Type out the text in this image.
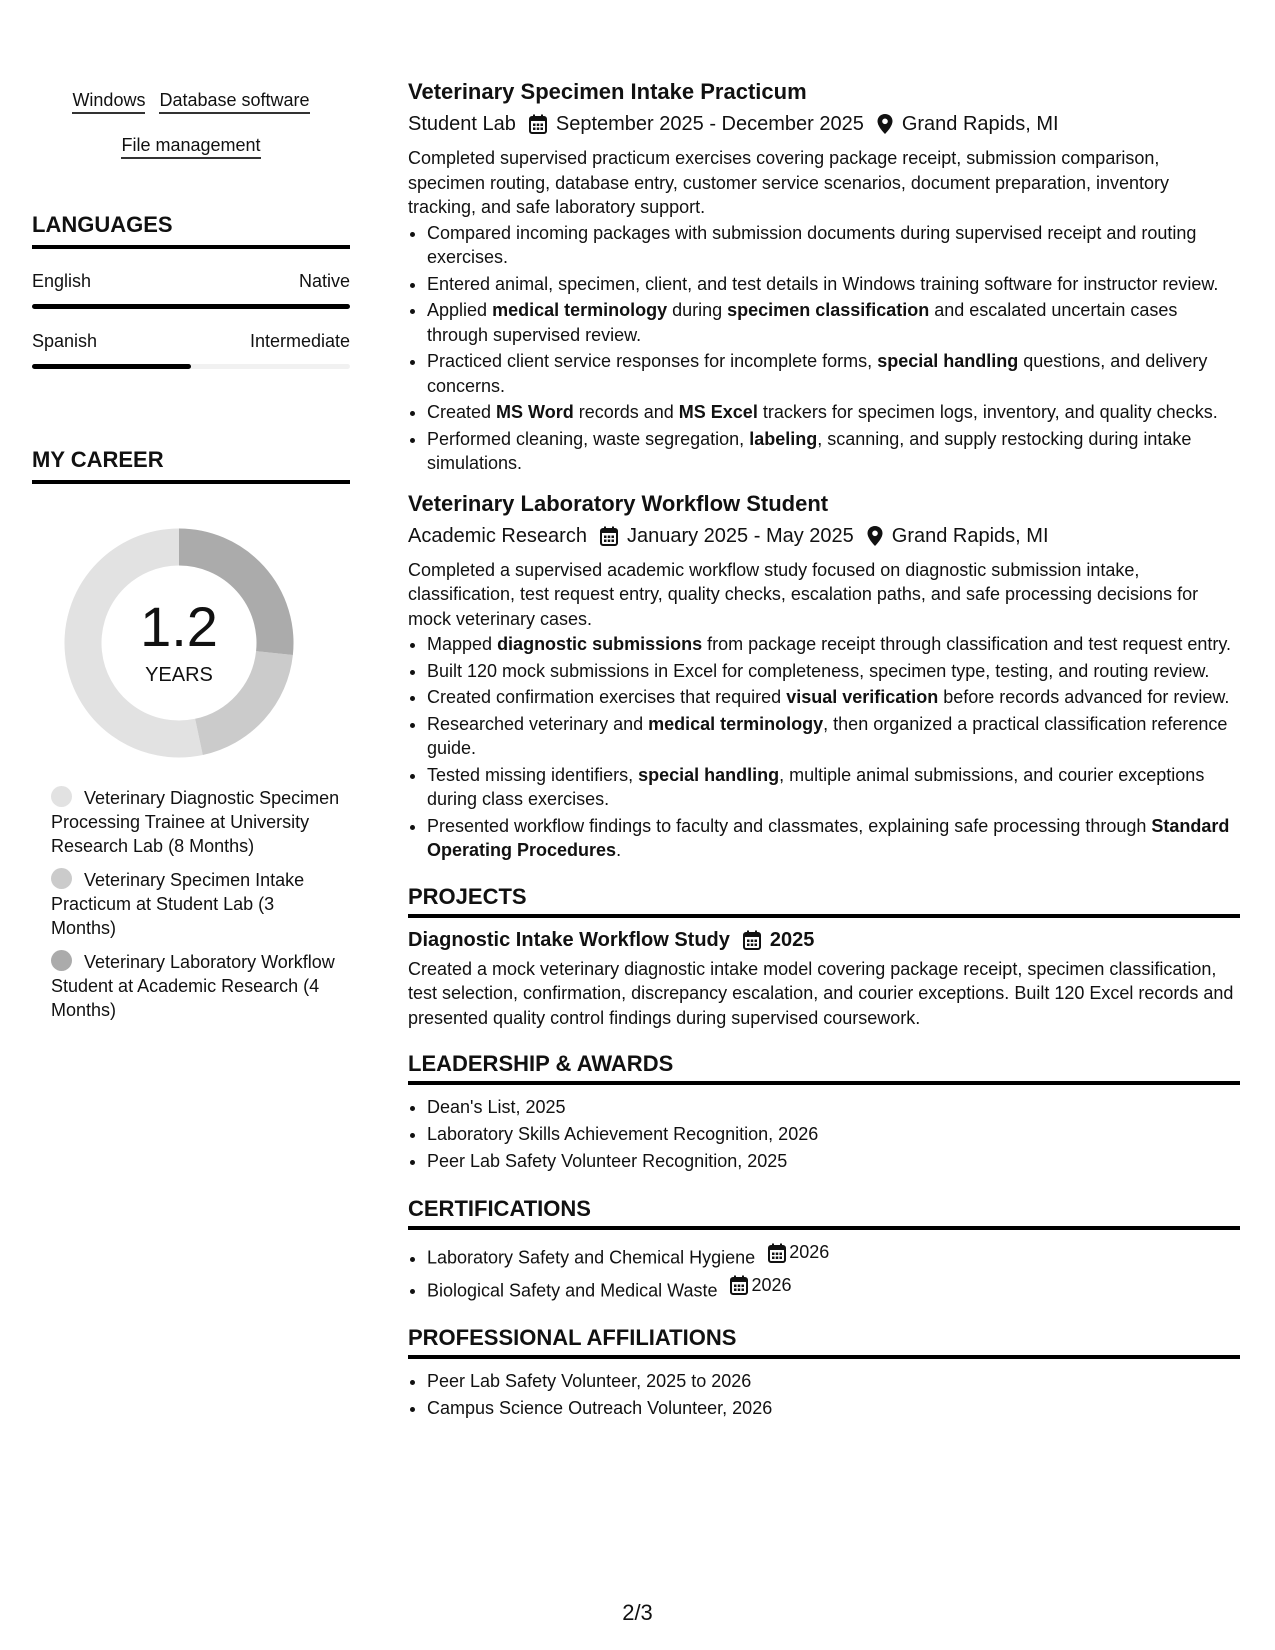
Windows Database software
File management
LANGUAGES
English	Native
Spanish	Intermediate
MY CAREER
1.2
YEARS
Veterinary Diagnostic Specimen Processing Trainee at University Research Lab (8 Months)
Veterinary Specimen Intake Practicum at Student Lab (3 Months)
Veterinary Laboratory Workflow Student at Academic Research (4 Months)
Veterinary Specimen Intake Practicum
Student Lab September 2025 - December 2025 Grand Rapids, MI
Completed supervised practicum exercises covering package receipt, submission comparison, specimen routing, database entry, customer service scenarios, document preparation, inventory tracking, and safe laboratory support.
• Compared incoming packages with submission documents during supervised receipt and routing exercises.
• Entered animal, specimen, client, and test details in Windows training software for instructor review.
• Applied medical terminology during specimen classification and escalated uncertain cases through supervised review.
• Practiced client service responses for incomplete forms, special handling questions, and delivery concerns.
• Created MS Word records and MS Excel trackers for specimen logs, inventory, and quality checks.
• Performed cleaning, waste segregation, labeling, scanning, and supply restocking during intake simulations.
Veterinary Laboratory Workflow Student
Academic Research January 2025 - May 2025 Grand Rapids, MI
Completed a supervised academic workflow study focused on diagnostic submission intake, classification, test request entry, quality checks, escalation paths, and safe processing decisions for mock veterinary cases.
• Mapped diagnostic submissions from package receipt through classification and test request entry.
• Built 120 mock submissions in Excel for completeness, specimen type, testing, and routing review.
• Created confirmation exercises that required visual verification before records advanced for review.
• Researched veterinary and medical terminology, then organized a practical classification reference guide.
• Tested missing identifiers, special handling, multiple animal submissions, and courier exceptions during class exercises.
• Presented workflow findings to faculty and classmates, explaining safe processing through Standard Operating Procedures.
PROJECTS
Diagnostic Intake Workflow Study 2025
Created a mock veterinary diagnostic intake model covering package receipt, specimen classification, test selection, confirmation, discrepancy escalation, and courier exceptions. Built 120 Excel records and presented quality control findings during supervised coursework.
LEADERSHIP & AWARDS
• Dean's List, 2025
• Laboratory Skills Achievement Recognition, 2026
• Peer Lab Safety Volunteer Recognition, 2025
CERTIFICATIONS
• Laboratory Safety and Chemical Hygiene 2026
• Biological Safety and Medical Waste 2026
PROFESSIONAL AFFILIATIONS
• Peer Lab Safety Volunteer, 2025 to 2026
• Campus Science Outreach Volunteer, 2026
2/3
